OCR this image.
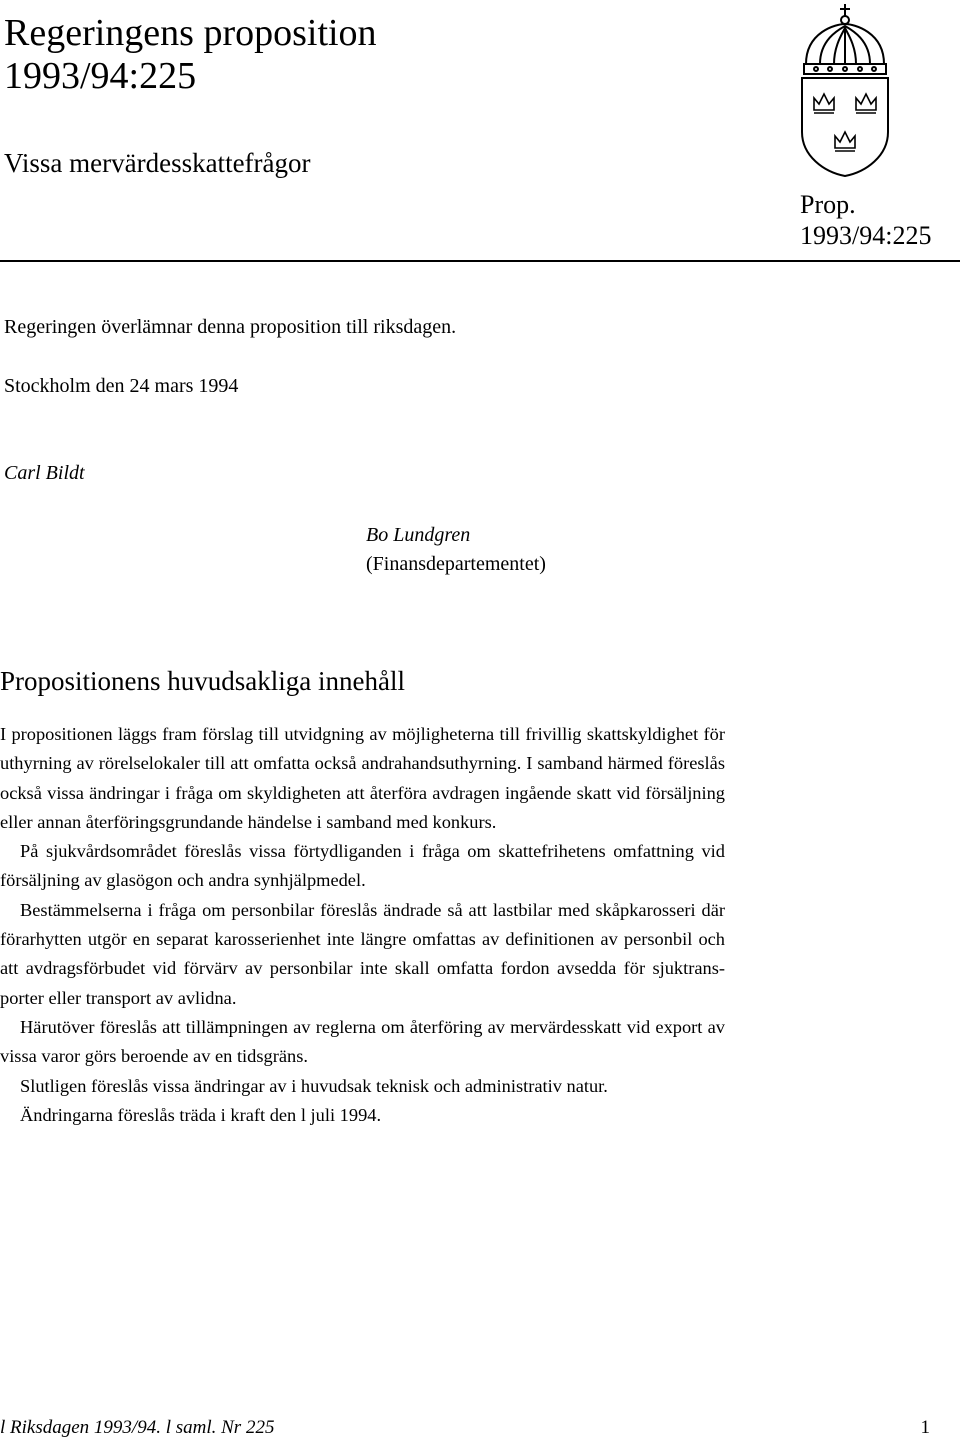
Regeringens proposition
1993/94:225
Vissa mervärdesskattefrågor
Prop.
1993/94:225
Regeringen överlämnar denna proposition till riksdagen.
Stockholm den 24 mars 1994
Carl Bildt
Bo Lundgren
(Finansdepartementet)
Propositionens huvudsakliga innehåll

I propositionen läggs fram förslag till utvidgning av möjligheterna till frivillig skattskyldighet för uthyrning av rörelselokaler till att omfatta också andrahandsuthyrning. I samband härmed föreslås också vissa ändringar i fråga om skyldigheten att återföra avdragen ingående skatt vid försäljning eller annan återföringsgrundande händelse i samband med konkurs.

På sjukvårdsområdet föreslås vissa förtydliganden i fråga om skattefrihetens omfattning vid försäljning av glasögon och andra synhjälpmedel.

Bestämmelserna i fråga om personbilar föreslås ändrade så att lastbilar med skåpkarosseri där förarhytten utgör en separat karosserienhet inte längre omfattas av definitionen av personbil och att avdragsförbudet vid förvärv av personbilar inte skall omfatta fordon avsedda för sjuktransporter eller transport av avlidna.

Härutöver föreslås att tillämpningen av reglerna om återföring av mervärdesskatt vid export av vissa varor görs beroende av en tidsgräns.

Slutligen föreslås vissa ändringar av i huvudsak teknisk och administrativ natur.

Ändringarna föreslås träda i kraft den l juli 1994.

l Riksdagen 1993/94. l saml. Nr 225	1
